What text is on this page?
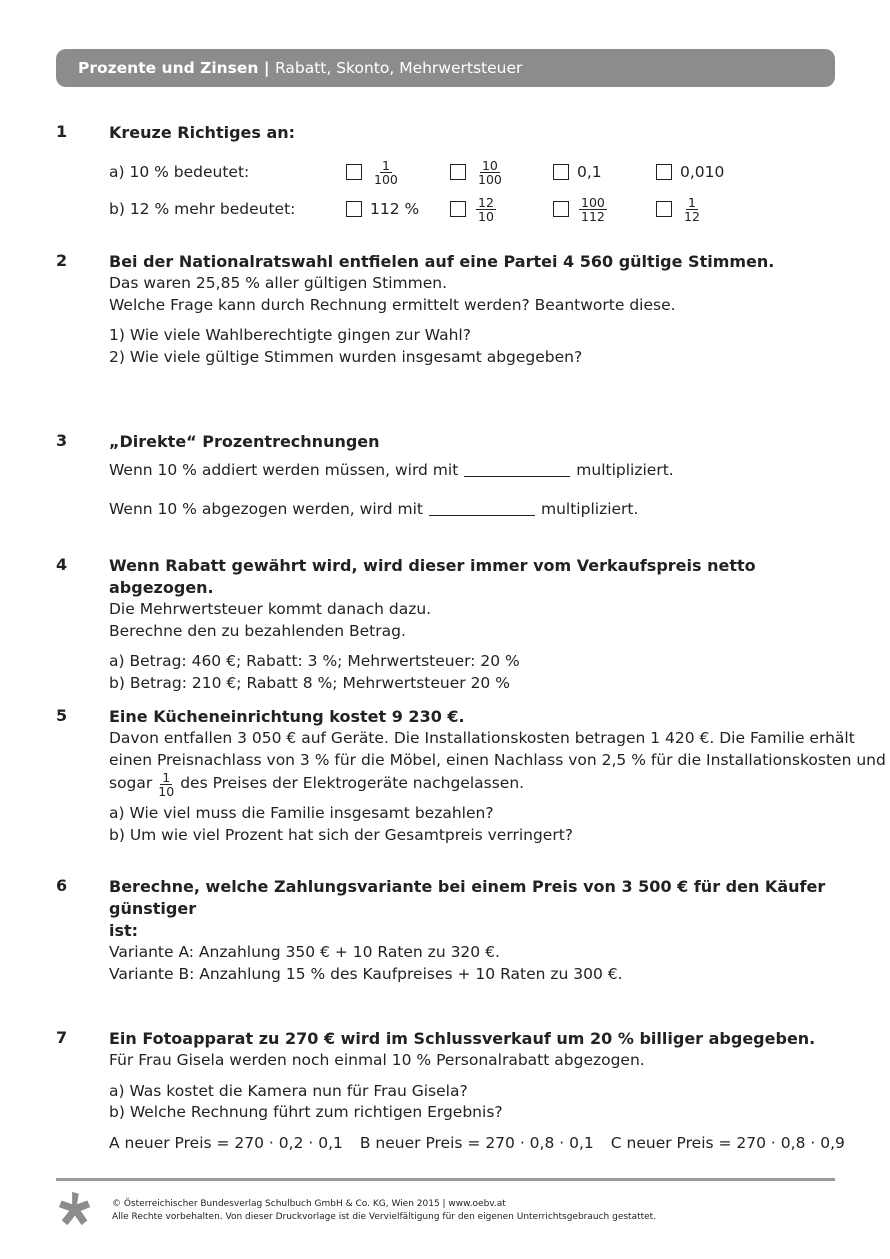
Prozente und Zinsen | Rabatt, Skonto, Mehrwertsteuer
1	Kreuze Richtiges an:
a) 10 % bedeutet:	$\frac{1}{100}$	$\frac{10}{100}$	0,1	0,010
b) 12 % mehr bedeutet:	112 %	$\frac{12}{10}$	$\frac{100}{112}$	$\frac{1}{12}$
2	Bei der Nationalratswahl entfielen auf eine Partei 4 560 gültige Stimmen.
Das waren 25,85 % aller gültigen Stimmen.
Welche Frage kann durch Rechnung ermittelt werden? Beantworte diese.
1) Wie viele Wahlberechtigte gingen zur Wahl?
2) Wie viele gültige Stimmen wurden insgesamt abgegeben?
3	„Direkte“ Prozentrechnungen
Wenn 10 % addiert werden müssen, wird mit	multipliziert.
Wenn 10 % abgezogen werden, wird mit	multipliziert.
4	Wenn Rabatt gewährt wird, wird dieser immer vom Verkaufspreis netto abgezogen.
Die Mehrwertsteuer kommt danach dazu.
Berechne den zu bezahlenden Betrag.
a) Betrag: 460 €; Rabatt: 3 %; Mehrwertsteuer: 20 %
b) Betrag: 210 €; Rabatt 8 %; Mehrwertsteuer 20 %
5	Eine Kücheneinrichtung kostet 9 230 €.
Davon entfallen 3 050 € auf Geräte. Die Installationskosten betragen 1 420 €. Die Familie erhält
einen Preisnachlass von 3 % für die Möbel, einen Nachlass von 2,5 % für die Installationskosten und
sogar $\frac{1}{10}$ des Preises der Elektrogeräte nachgelassen.
a) Wie viel muss die Familie insgesamt bezahlen?
b) Um wie viel Prozent hat sich der Gesamtpreis verringert?
6	Berechne, welche Zahlungsvariante bei einem Preis von 3 500 € für den Käufer günstiger
ist:
Variante A: Anzahlung 350 € + 10 Raten zu 320 €.
Variante B: Anzahlung 15 % des Kaufpreises + 10 Raten zu 300 €.
7	Ein Fotoapparat zu 270 € wird im Schlussverkauf um 20 % billiger abgegeben.
Für Frau Gisela werden noch einmal 10 % Personalrabatt abgezogen.
a) Was kostet die Kamera nun für Frau Gisela?
b) Welche Rechnung führt zum richtigen Ergebnis?
A neuer Preis = 270 · 0,2 · 0,1 B neuer Preis = 270 · 0,8 · 0,1 C neuer Preis = 270 · 0,8 · 0,9
© Österreichischer Bundesverlag Schulbuch GmbH & Co. KG, Wien 2015 | www.oebv.at
Alle Rechte vorbehalten. Von dieser Druckvorlage ist die Vervielfältigung für den eigenen Unterrichtsgebrauch gestattet.
